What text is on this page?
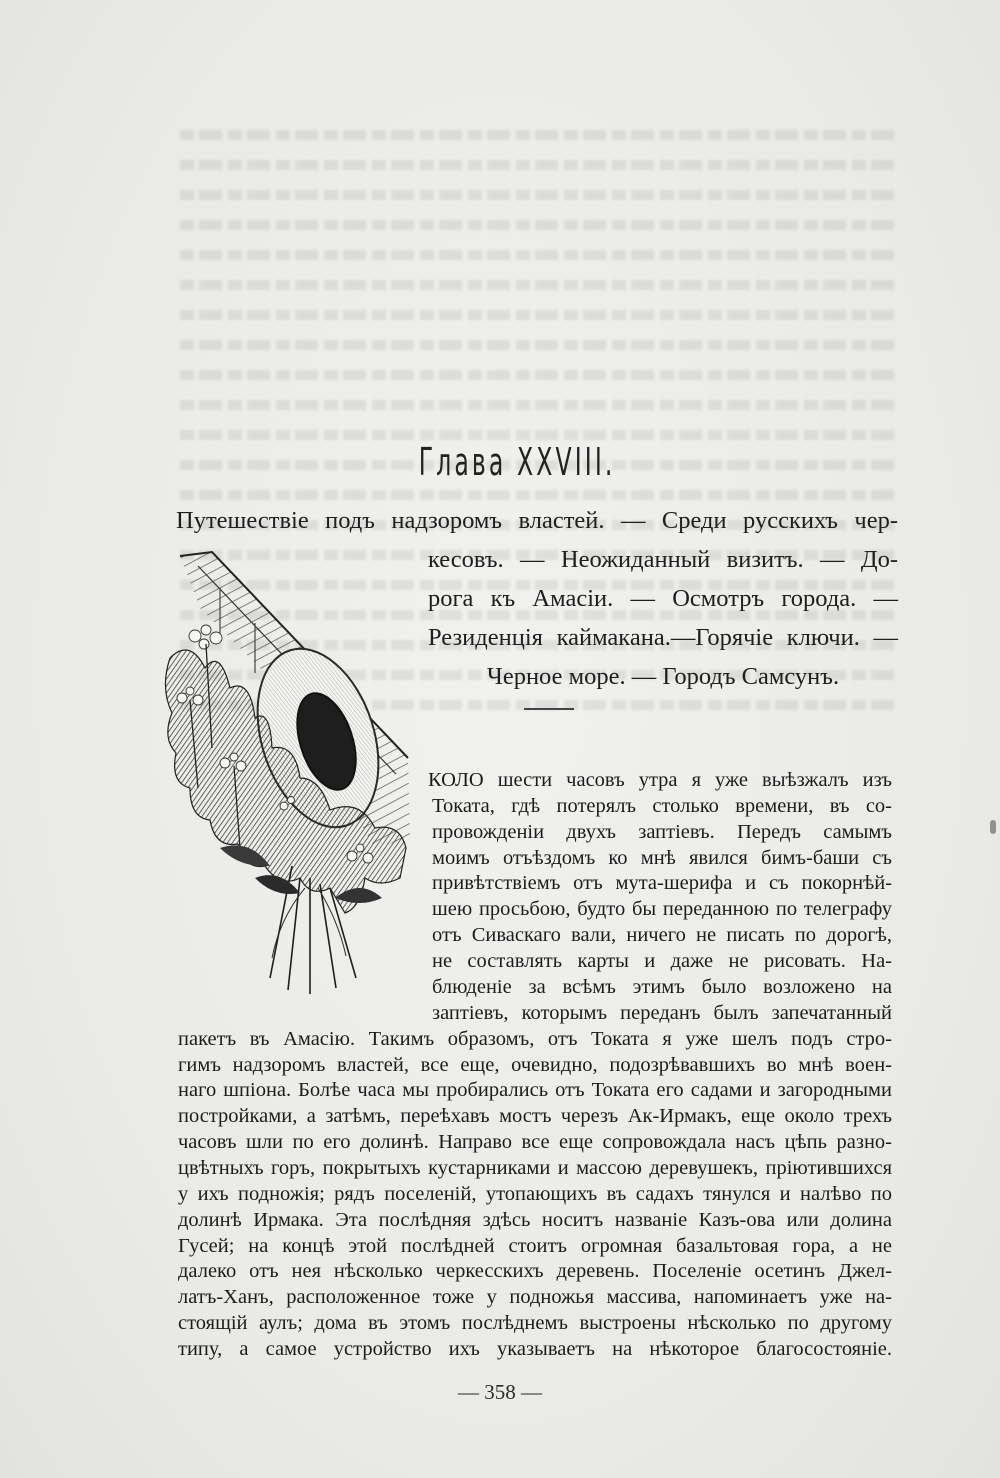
Глава XXVIII.
Путешествіе подъ надзоромъ властей. — Среди русскихъ чер-
кесовъ. — Неожиданный визитъ. — До-
рога къ Амасіи. — Осмотръ города. —
Резиденція каймакана.—Горячіе ключи. —
Черное море. — Городъ Самсунъ.
КОЛО шести часовъ утра я уже выѣзжалъ изъ
Токата, гдѣ потерялъ столько времени, въ со-
провожденіи двухъ заптіевъ. Передъ самымъ
моимъ отъѣздомъ ко мнѣ явился бимъ-баши съ
привѣтствіемъ отъ мута-шерифа и съ покорнѣй-
шею просьбою, будто бы переданною по телеграфу
отъ Сиваскаго вали, ничего не писать по дорогѣ,
не составлять карты и даже не рисовать. На-
блюденіе за всѣмъ этимъ было возложено на
заптіевъ, которымъ переданъ былъ запечатанный
пакетъ въ Амасію. Такимъ образомъ, отъ Токата я уже шелъ подъ стро-
гимъ надзоромъ властей, все еще, очевидно, подозрѣвавшихъ во мнѣ воен-
наго шпіона. Болѣе часа мы пробирались отъ Токата его садами и загородными
постройками, а затѣмъ, переѣхавъ мостъ черезъ Ак-Ирмакъ, еще около трехъ
часовъ шли по его долинѣ. Направо все еще сопровождала насъ цѣпь разно-
цвѣтныхъ горъ, покрытыхъ кустарниками и массою деревушекъ, пріютившихся
у ихъ подножія; рядъ поселеній, утопающихъ въ садахъ тянулся и налѣво по
долинѣ Ирмака. Эта послѣдняя здѣсь носитъ названіе Казъ-ова или долина
Гусей; на концѣ этой послѣдней стоитъ огромная базальтовая гора, а не
далеко отъ нея нѣсколько черкесскихъ деревень. Поселеніе осетинъ Джел-
латъ-Ханъ, расположенное тоже у подножья массива, напоминаетъ уже на-
стоящій аулъ; дома въ этомъ послѣднемъ выстроены нѣсколько по другому
типу, а самое устройство ихъ указываетъ на нѣкоторое благосостояніе.
— 358 —
